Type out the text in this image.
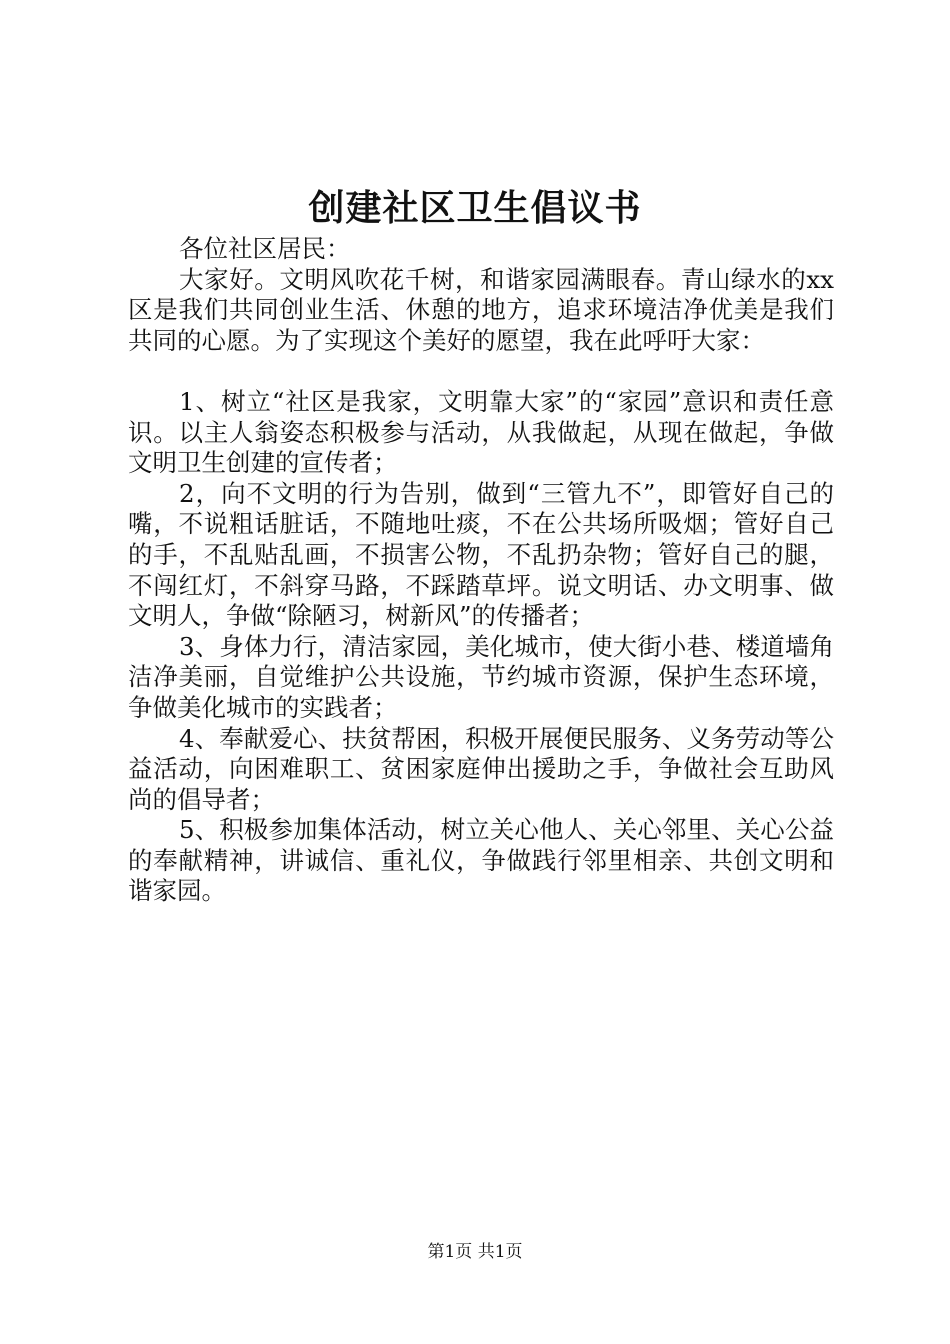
创建社区卫生倡议书

各位社区居民：

大家好。文明风吹花千树，和谐家园满眼春。青山绿水的xx区是我们共同创业生活、休憩的地方，追求环境洁净优美是我们共同的心愿。为了实现这个美好的愿望，我在此呼吁大家：

1、树立“社区是我家，文明靠大家”的“家园”意识和责任意识。以主人翁姿态积极参与活动，从我做起，从现在做起，争做文明卫生创建的宣传者；

2，向不文明的行为告别，做到“三管九不”，即管好自己的嘴，不说粗话脏话，不随地吐痰，不在公共场所吸烟；管好自己的手，不乱贴乱画，不损害公物，不乱扔杂物；管好自己的腿，不闯红灯，不斜穿马路，不踩踏草坪。说文明话、办文明事、做文明人，争做“除陋习，树新风”的传播者；

3、身体力行，清洁家园，美化城市，使大街小巷、楼道墙角洁净美丽，自觉维护公共设施，节约城市资源，保护生态环境，争做美化城市的实践者；

4、奉献爱心、扶贫帮困，积极开展便民服务、义务劳动等公益活动，向困难职工、贫困家庭伸出援助之手，争做社会互助风尚的倡导者；

5、积极参加集体活动，树立关心他人、关心邻里、关心公益的奉献精神，讲诚信、重礼仪，争做践行邻里相亲、共创文明和谐家园。

第1页 共1页
